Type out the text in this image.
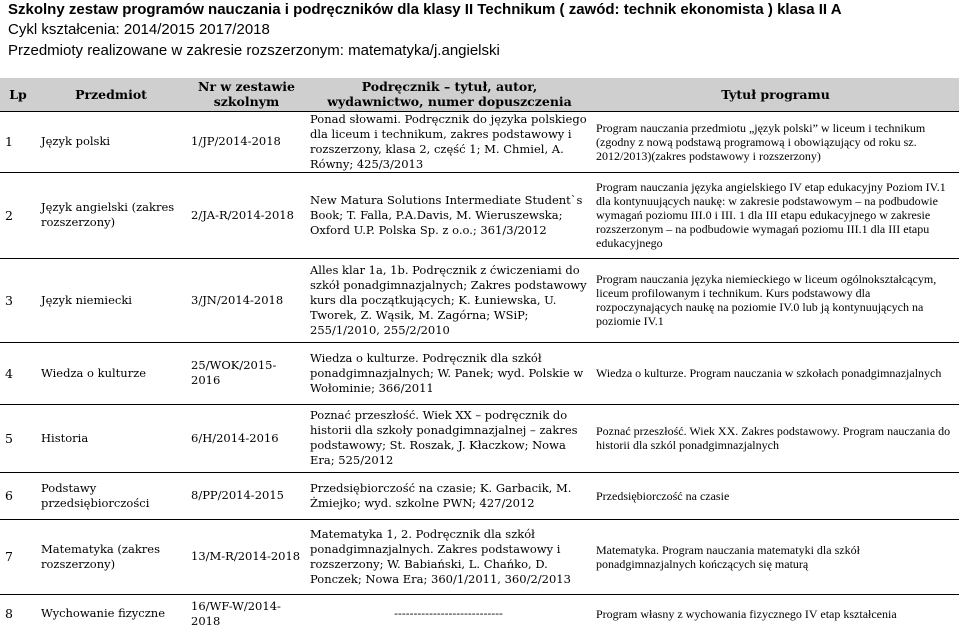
Szkolny zestaw programów nauczania i podręczników dla klasy II Technikum ( zawód: technik ekonomista ) klasa II A
Cykl kształcenia: 2014/2015 2017/2018
Przedmioty realizowane w zakresie rozszerzonym: matematyka/j.angielski
Lp	Przedmiot	Nr w zestawie szkolnym	Podręcznik – tytuł, autor, wydawnictwo, numer dopuszczenia	Tytuł programu
1	Język polski	1/JP/2014-2018	Ponad słowami. Podręcznik do języka polskiego dla liceum i technikum, zakres podstawowy i rozszerzony, klasa 2, część 1; M. Chmiel, A. Równy; 425/3/2013	Program nauczania przedmiotu „język polski” w liceum i technikum (zgodny z nową podstawą programową i obowiązujący od roku sz. 2012/2013)(zakres podstawowy i rozszerzony)
2	Język angielski (zakres rozszerzony)	2/JA-R/2014-2018	New Matura Solutions Intermediate Student`s Book; T. Falla, P.A.Davis, M. Wieruszewska; Oxford U.P. Polska Sp. z o.o.; 361/3/2012	Program nauczania języka angielskiego IV etap edukacyjny Poziom IV.1 dla kontynuujących naukę: w zakresie podstawowym – na podbudowie wymagań poziomu III.0 i III. 1 dla III etapu edukacyjnego w zakresie rozszerzonym – na podbudowie wymagań poziomu III.1 dla III etapu edukacyjnego
3	Język niemiecki	3/JN/2014-2018	Alles klar 1a, 1b. Podręcznik z ćwiczeniami do szkół ponadgimnazjalnych; Zakres podstawowy kurs dla początkujących; K. Łuniewska, U. Tworek, Z. Wąsik, M. Zagórna; WSiP; 255/1/2010, 255/2/2010	Program nauczania języka niemieckiego w liceum ogólnokształcącym, liceum profilowanym i technikum. Kurs podstawowy dla rozpoczynających naukę na poziomie IV.0 lub ją kontynuujących na poziomie IV.1
4	Wiedza o kulturze	25/WOK/2015-2016	Wiedza o kulturze. Podręcznik dla szkół ponadgimnazjalnych; W. Panek; wyd. Polskie w Wołominie; 366/2011	Wiedza o kulturze. Program nauczania w szkołach ponadgimnazjalnych
5	Historia	6/H/2014-2016	Poznać przeszłość. Wiek XX – podręcznik do historii dla szkoły ponadgimnazjalnej – zakres podstawowy; St. Roszak, J. Kłaczkow; Nowa Era; 525/2012	Poznać przeszłość. Wiek XX. Zakres podstawowy. Program nauczania do historii dla szkól ponadgimnazjalnych
6	Podstawy przedsiębiorczości	8/PP/2014-2015	Przedsiębiorczość na czasie; K. Garbacik, M. Żmiejko; wyd. szkolne PWN; 427/2012	Przedsiębiorczość na czasie
7	Matematyka (zakres rozszerzony)	13/M-R/2014-2018	Matematyka 1, 2. Podręcznik dla szkół ponadgimnazjalnych. Zakres podstawowy i rozszerzony; W. Babiański, L. Chańko, D. Ponczek; Nowa Era; 360/1/2011, 360/2/2013	Matematyka. Program nauczania matematyki dla szkół ponadgimnazjalnych kończących się maturą
8	Wychowanie fizyczne	16/WF-W/2014-2018	----------------------------	Program własny z wychowania fizycznego IV etap kształcenia
